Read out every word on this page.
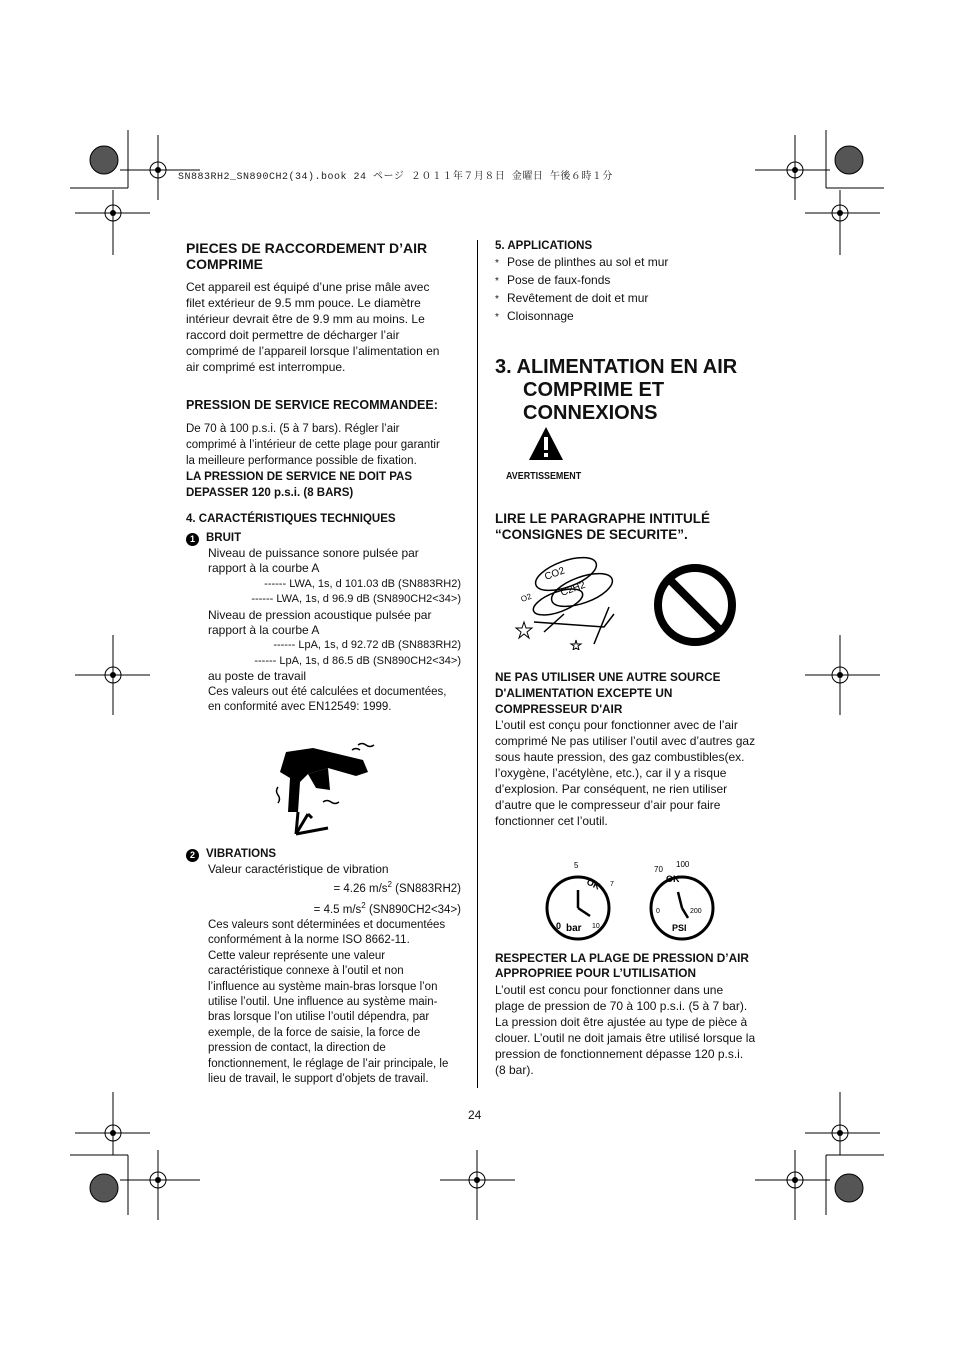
SN883RH2_SN890CH2(34).book 24 ページ ２０１１年７月８日 金曜日 午後６時１分
PIECES DE RACCORDEMENT D’AIR
COMPRIME
Cet appareil est équipé d’une prise mâle avec
filet extérieur de 9.5 mm pouce. Le diamètre
intérieur devrait être de 9.9 mm au moins. Le
raccord doit permettre de décharger l’air
comprimé de l’appareil lorsque l’alimentation en
air comprimé est interrompue.
PRESSION DE SERVICE RECOMMANDEE:
De 70 à 100 p.s.i. (5 à 7 bars). Régler l’air
comprimé à l’intérieur de cette plage pour garantir
la meilleure performance possible de fixation.
LA PRESSION DE SERVICE NE DOIT PAS
DEPASSER 120 p.s.i. (8 BARS)
4. CARACTÉRISTIQUES TECHNIQUES
1 BRUIT
Niveau de puissance sonore pulsée par
rapport à la courbe A
------ LWA, 1s, d 101.03 dB (SN883RH2)
------ LWA, 1s, d 96.9 dB (SN890CH2<34>)
Niveau de pression acoustique pulsée par
rapport à la courbe A
------ LpA, 1s, d 92.72 dB (SN883RH2)
------ LpA, 1s, d 86.5 dB (SN890CH2<34>)
au poste de travail
Ces valeurs out été calculées et documentées,
en conformité avec EN12549: 1999.
2 VIBRATIONS
Valeur caractéristique de vibration
= 4.26 $m/s^2$ (SN883RH2)
= 4.5 $m/s^2$ (SN890CH2<34>)
Ces valeurs sont déterminées et documentées
conformément à la norme ISO 8662-11.
Cette valeur représente une valeur
caractéristique connexe à l’outil et non
l’influence au système main-bras lorsque l’on
utilise l’outil. Une influence au système main-
bras lorsque l’on utilise l’outil dépendra, par
exemple, de la force de saisie, la force de
pression de contact, la direction de
fonctionnement, le réglage de l’air principale, le
lieu de travail, le support d’objets de travail.
5. APPLICATIONS
* Pose de plinthes au sol et mur
* Pose de faux-fonds
* Revêtement de doit et mur
* Cloisonnage
3. ALIMENTATION EN AIR
COMPRIME ET
CONNEXIONS
AVERTISSEMENT
LIRE LE PARAGRAPHE INTITULÉ
“CONSIGNES DE SECURITE”.
CO2
C2H2
O2
NE PAS UTILISER UNE AUTRE SOURCE
D'ALIMENTATION EXCEPTE UN
COMPRESSEUR D'AIR
L’outil est conçu pour fonctionner avec de l’air
comprimé Ne pas utiliser l’outil avec d’autres gaz
sous haute pression, des gaz combustibles(ex.
l’oxygène, l’acétylène, etc.), car il y a risque
d’explosion. Par conséquent, ne rien utiliser
d’autre que le compresseur d’air pour faire
fonctionner cet l’outil.
5
OK 7
0	10
bar
70
100
OK
0	200
PSI
RESPECTER LA PLAGE DE PRESSION D’AIR
APPROPRIEE POUR L’UTILISATION
L’outil est concu pour fonctionner dans une
plage de pression de 70 à 100 p.s.i. (5 à 7 bar).
La pression doit être ajustée au type de pièce à
clouer. L’outil ne doit jamais être utilisé lorsque la
pression de fonctionnement dépasse 120 p.s.i.
(8 bar).
24
